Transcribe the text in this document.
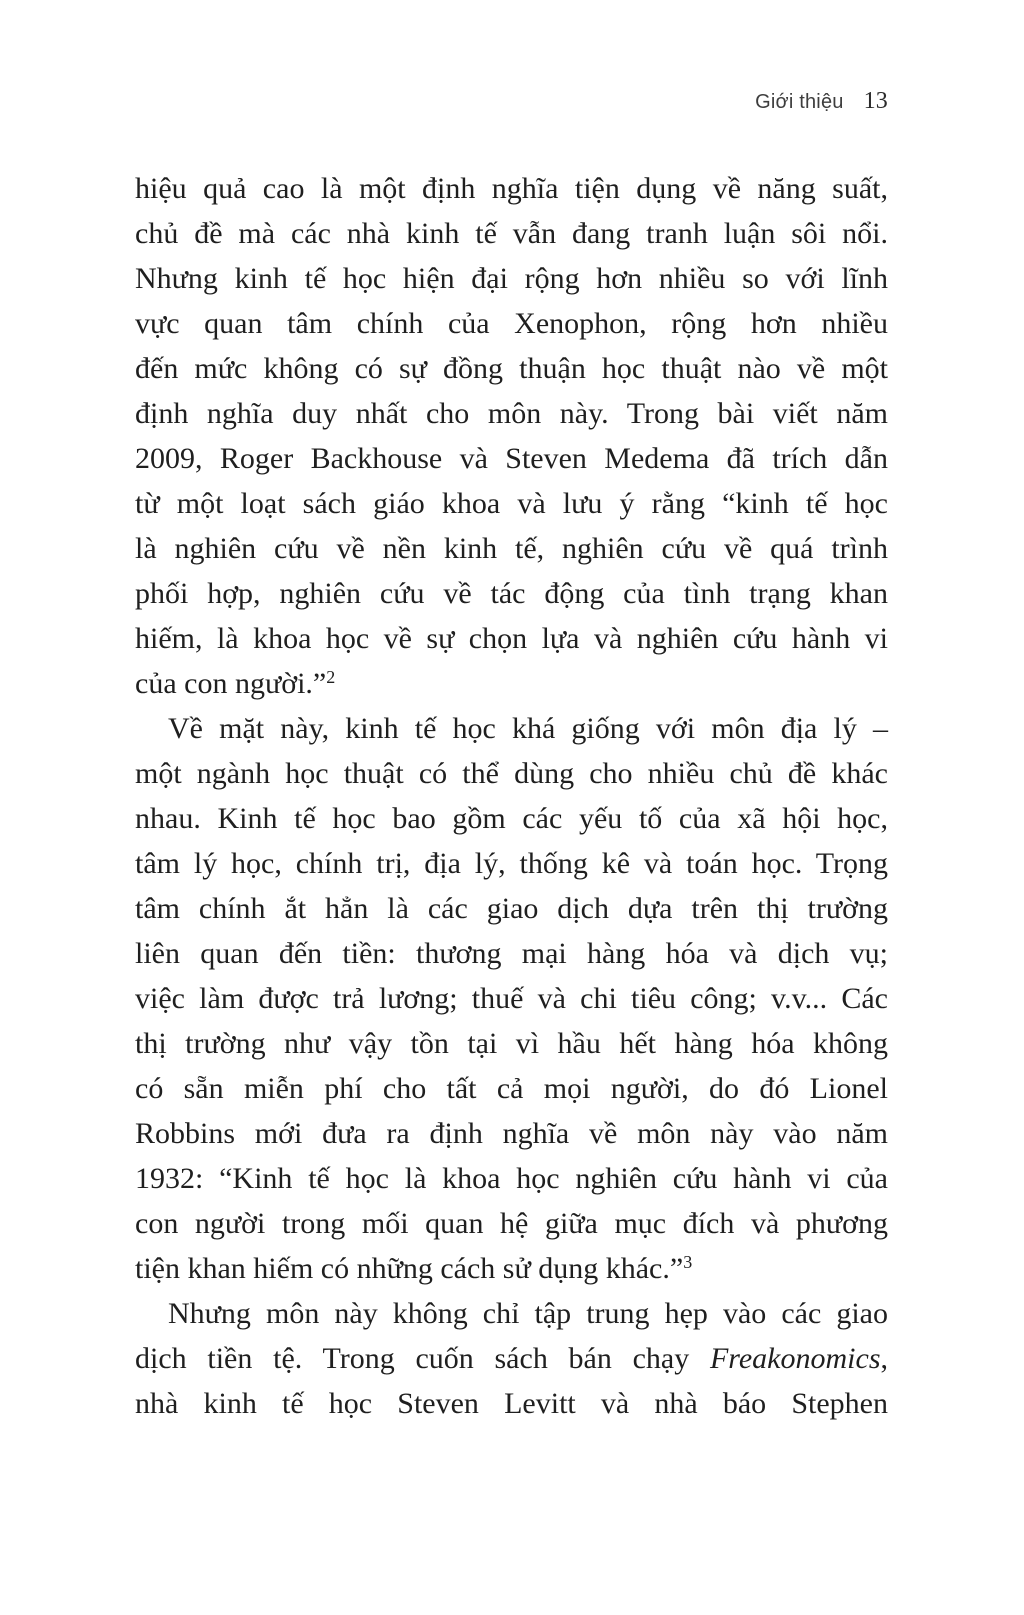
Giới thiệu 13
hiệu quả cao là một định nghĩa tiện dụng về năng suất,
chủ đề mà các nhà kinh tế vẫn đang tranh luận sôi nổi.
Nhưng kinh tế học hiện đại rộng hơn nhiều so với lĩnh
vực quan tâm chính của Xenophon, rộng hơn nhiều
đến mức không có sự đồng thuận học thuật nào về một
định nghĩa duy nhất cho môn này. Trong bài viết năm
2009, Roger Backhouse và Steven Medema đã trích dẫn
từ một loạt sách giáo khoa và lưu ý rằng “kinh tế học
là nghiên cứu về nền kinh tế, nghiên cứu về quá trình
phối hợp, nghiên cứu về tác động của tình trạng khan
hiếm, là khoa học về sự chọn lựa và nghiên cứu hành vi
của con người.”$^2$
Về mặt này, kinh tế học khá giống với môn địa lý –
một ngành học thuật có thể dùng cho nhiều chủ đề khác
nhau. Kinh tế học bao gồm các yếu tố của xã hội học,
tâm lý học, chính trị, địa lý, thống kê và toán học. Trọng
tâm chính ắt hẳn là các giao dịch dựa trên thị trường
liên quan đến tiền: thương mại hàng hóa và dịch vụ;
việc làm được trả lương; thuế và chi tiêu công; v.v... Các
thị trường như vậy tồn tại vì hầu hết hàng hóa không
có sẵn miễn phí cho tất cả mọi người, do đó Lionel
Robbins mới đưa ra định nghĩa về môn này vào năm
1932: “Kinh tế học là khoa học nghiên cứu hành vi của
con người trong mối quan hệ giữa mục đích và phương
tiện khan hiếm có những cách sử dụng khác.”$^3$
Nhưng môn này không chỉ tập trung hẹp vào các giao
dịch tiền tệ. Trong cuốn sách bán chạy Freakonomics,
nhà kinh tế học Steven Levitt và nhà báo Stephen
